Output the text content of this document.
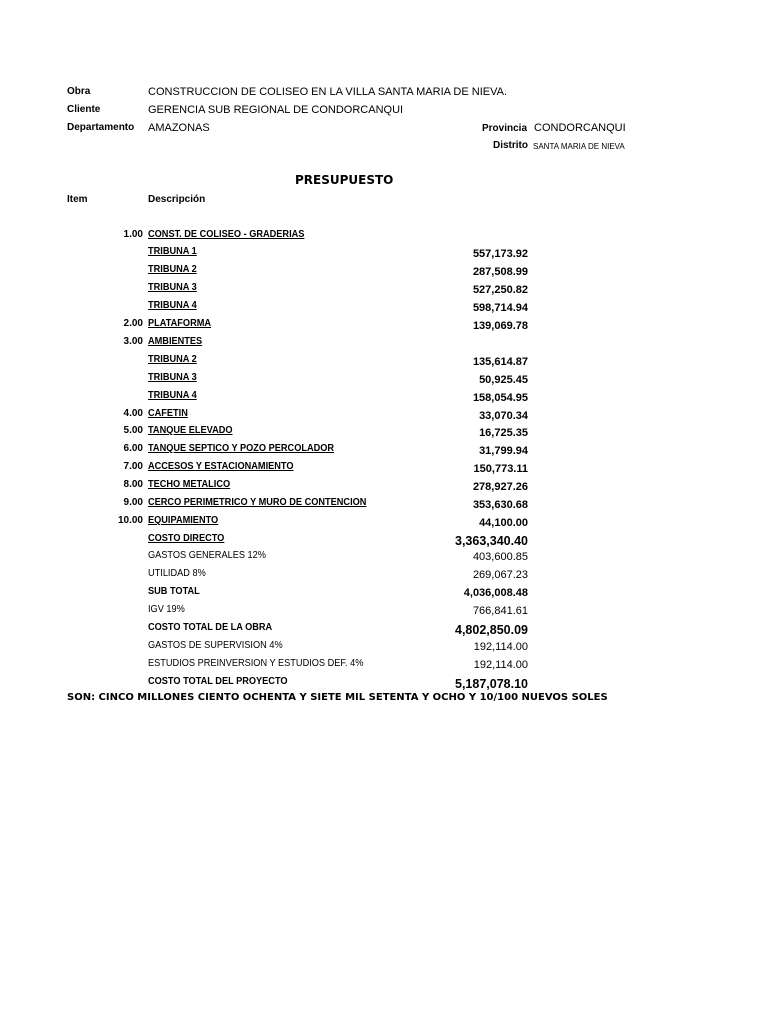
Obra	CONSTRUCCION DE COLISEO EN LA VILLA SANTA MARIA DE NIEVA.
Cliente	GERENCIA SUB REGIONAL DE CONDORCANQUI
Departamento AMAZONAS	Provincia CONDORCANQUI
Distrito SANTA MARIA DE NIEVA
PRESUPUESTO
Item	Descripción
1.00 CONST. DE COLISEO - GRADERIAS
TRIBUNA 1	557,173.92
TRIBUNA 2	287,508.99
TRIBUNA 3	527,250.82
TRIBUNA 4	598,714.94
2.00 PLATAFORMA	139,069.78
3.00 AMBIENTES
TRIBUNA 2	135,614.87
TRIBUNA 3	50,925.45
TRIBUNA 4	158,054.95
4.00 CAFETIN	33,070.34
5.00 TANQUE ELEVADO	16,725.35
6.00 TANQUE SEPTICO Y POZO PERCOLADOR	31,799.94
7.00 ACCESOS Y ESTACIONAMIENTO	150,773.11
8.00 TECHO METALICO	278,927.26
9.00 CERCO PERIMETRICO Y MURO DE CONTENCION	353,630.68
10.00 EQUIPAMIENTO	44,100.00
COSTO DIRECTO	3,363,340.40
GASTOS GENERALES 12%	403,600.85
UTILIDAD 8%	269,067.23
SUB TOTAL	4,036,008.48
IGV 19%	766,841.61
COSTO TOTAL DE LA OBRA	4,802,850.09
GASTOS DE SUPERVISION 4%	192,114.00
ESTUDIOS PREINVERSION Y ESTUDIOS DEF. 4%	192,114.00
COSTO TOTAL DEL PROYECTO	5,187,078.10
SON: CINCO MILLONES CIENTO OCHENTA Y SIETE MIL SETENTA Y OCHO Y 10/100 NUEVOS SOLES
